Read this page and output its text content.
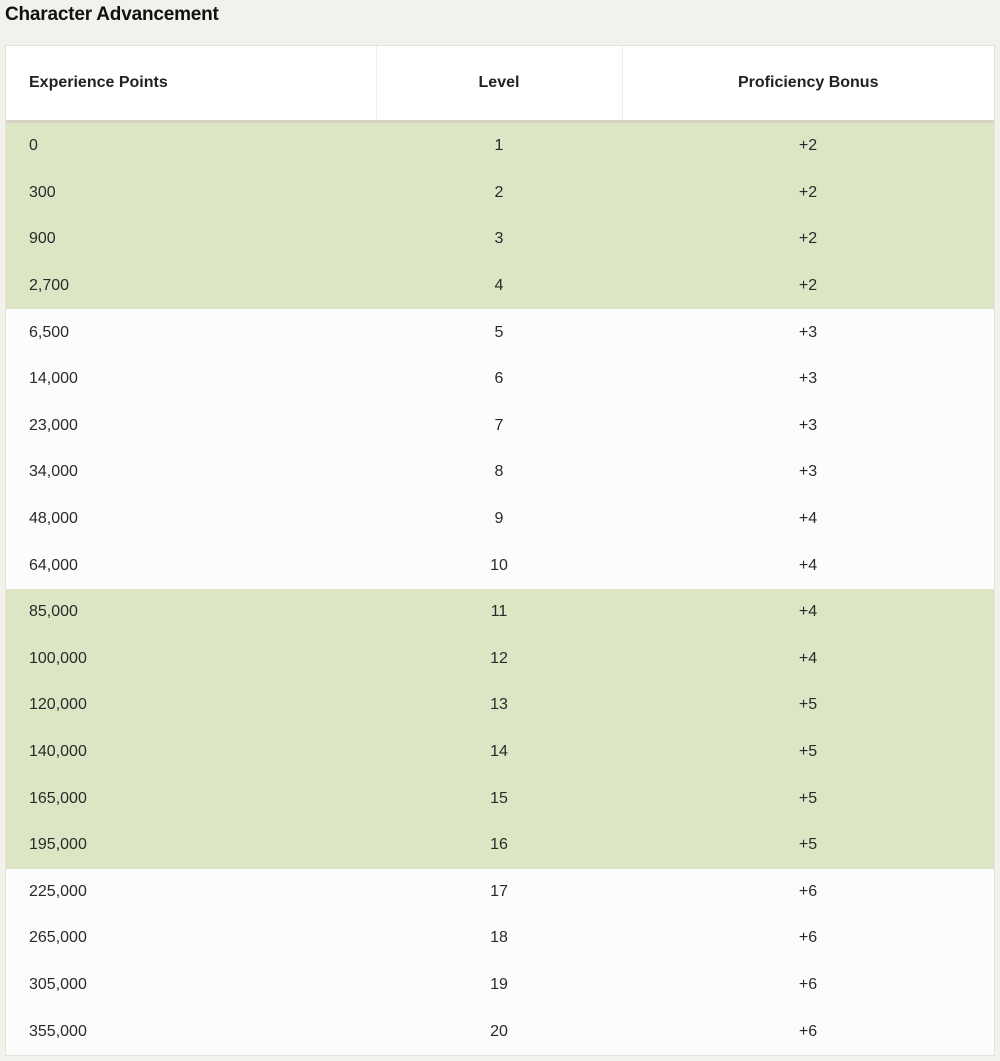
Character Advancement
Experience Points	Level	Proficiency Bonus
0	1	+2
300	2	+2
900	3	+2
2,700	4	+2
6,500	5	+3
14,000	6	+3
23,000	7	+3
34,000	8	+3
48,000	9	+4
64,000	10	+4
85,000	11	+4
100,000	12	+4
120,000	13	+5
140,000	14	+5
165,000	15	+5
195,000	16	+5
225,000	17	+6
265,000	18	+6
305,000	19	+6
355,000	20	+6
